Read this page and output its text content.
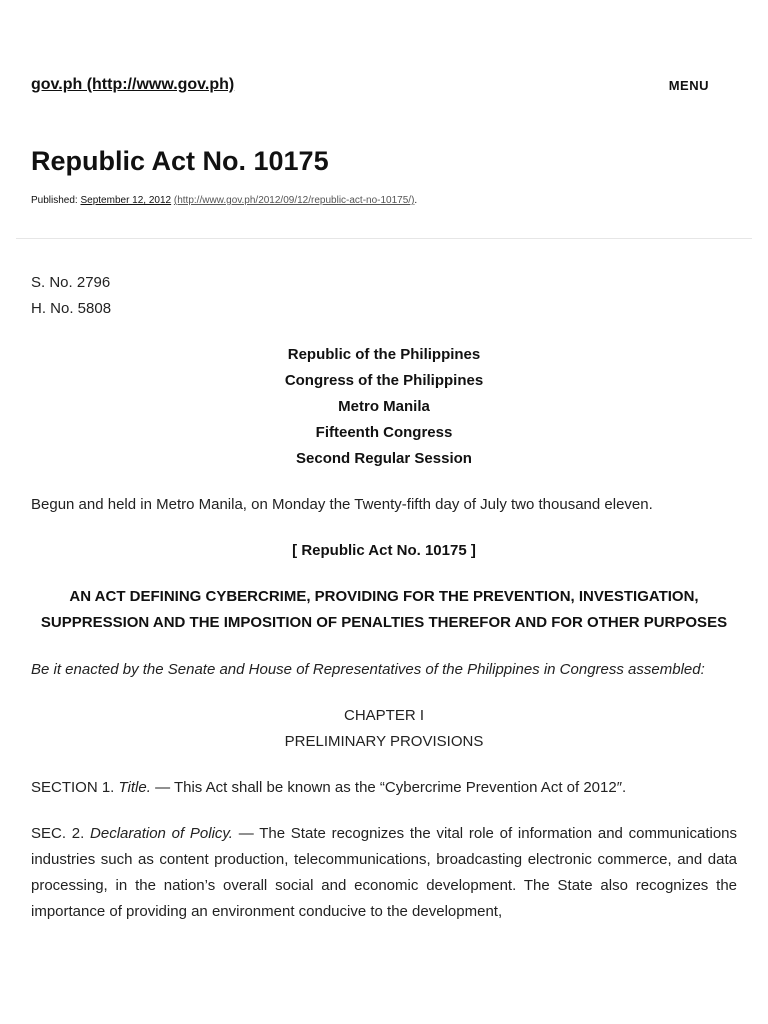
gov.ph (http://www.gov.ph)	MENU
Republic Act No. 10175
Published: September 12, 2012 (http://www.gov.ph/2012/09/12/republic-act-no-10175/).

S. No. 2796
H. No. 5808

Republic of the Philippines
Congress of the Philippines
Metro Manila
Fifteenth Congress
Second Regular Session

Begun and held in Metro Manila, on Monday the Twenty-fifth day of July two thousand eleven.

[ Republic Act No. 10175 ]

AN ACT DEFINING CYBERCRIME, PROVIDING FOR THE PREVENTION, INVESTIGATION, SUPPRESSION AND THE IMPOSITION OF PENALTIES THEREFOR AND FOR OTHER PURPOSES

Be it enacted by the Senate and House of Representatives of the Philippines in Congress assembled:

CHAPTER I
PRELIMINARY PROVISIONS

SECTION 1. Title. — This Act shall be known as the “Cybercrime Prevention Act of 2012″.

SEC. 2. Declaration of Policy. — The State recognizes the vital role of information and communications industries such as content production, telecommunications, broadcasting electronic commerce, and data processing, in the nation’s overall social and economic development. The State also recognizes the importance of providing an environment conducive to the development,
